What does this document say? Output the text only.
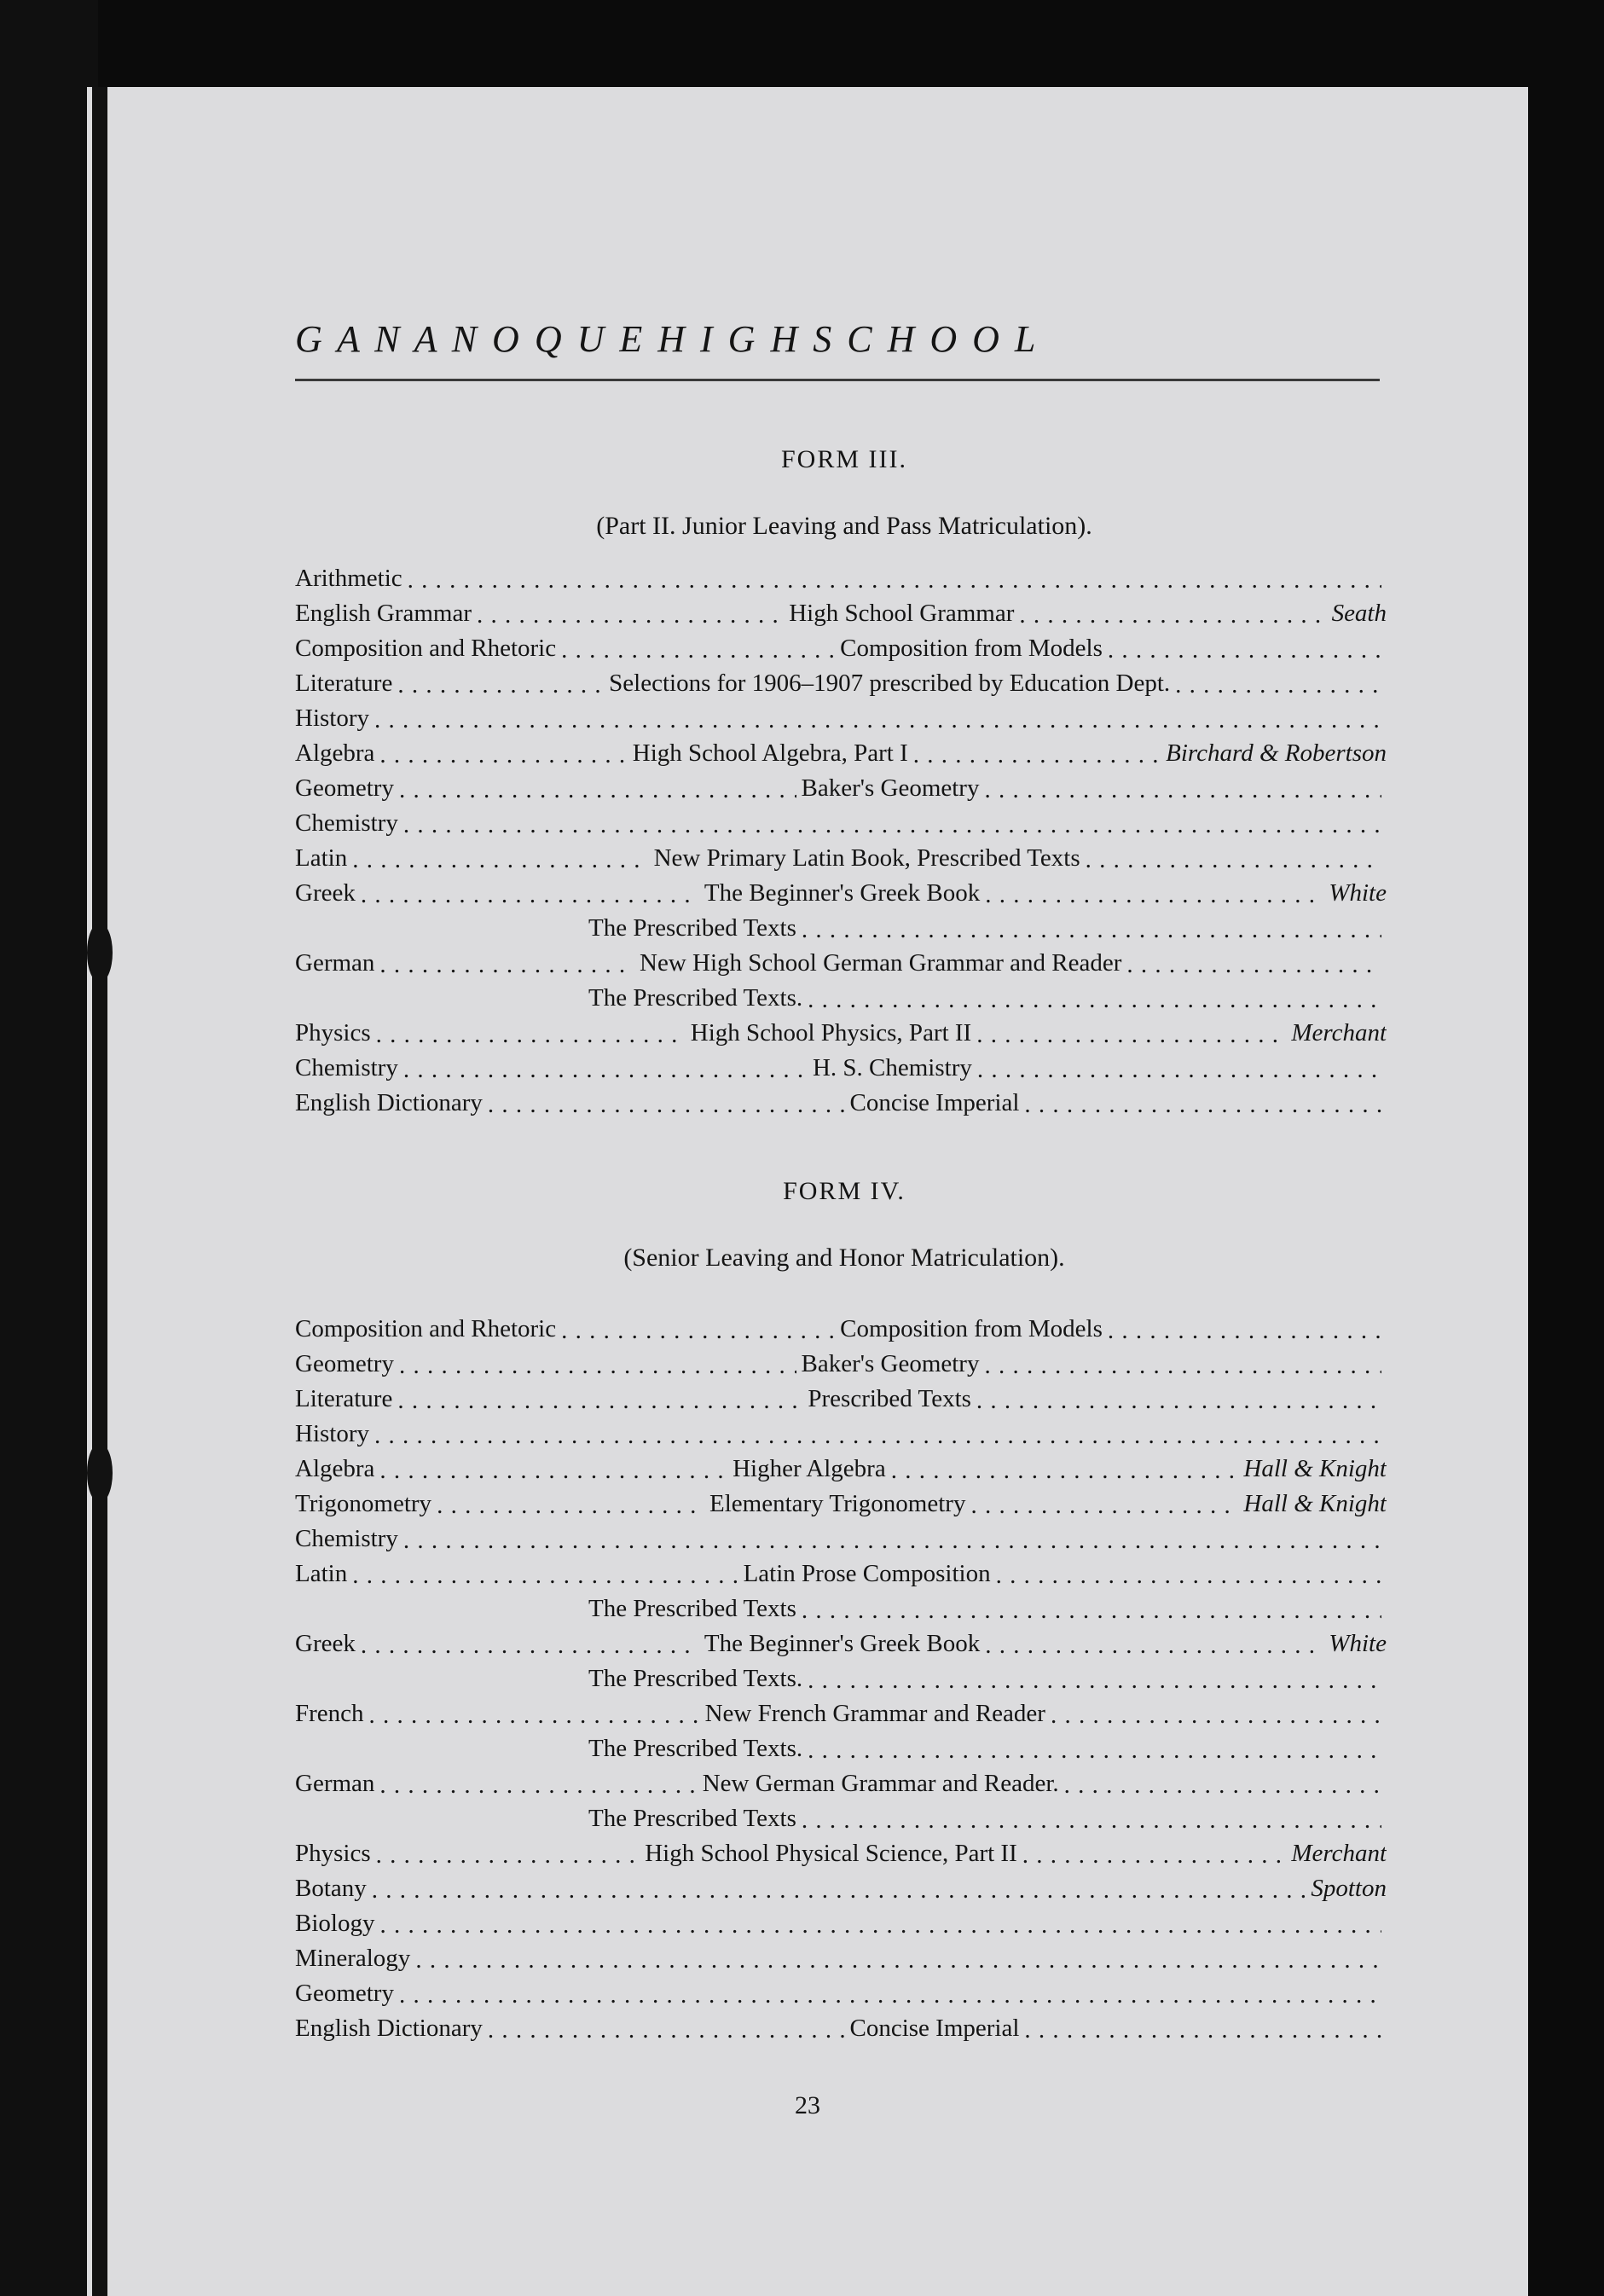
G A N A N O Q U E H I G H S C H O O L
FORM III.
(Part II. Junior Leaving and Pass Matriculation).
Arithmetic
. . .
English Grammar . . .	High School Grammar . . .	Seath
Composition and Rhetoric . . .	Composition from Models
. . .
Literature . . .	Selections for 1906–1907 prescribed by Education Dept.
. . .
History
. . .
Algebra . . .	High School Algebra, Part I . . .	Birchard & Robertson
Geometry . . .	Baker's Geometry
. . .
Chemistry
. . .
Latin . . .	New Primary Latin Book, Prescribed Texts
. . .
Greek . . .	The Beginner's Greek Book . . .	White
The Prescribed Texts
. . .
German . . .	New High School German Grammar and Reader
. . .
The Prescribed Texts.
. . .
Physics . . .	High School Physics, Part II . . .	Merchant
Chemistry . . .	H. S. Chemistry
. . .
English Dictionary . . .	Concise Imperial
. . .
FORM IV.
(Senior Leaving and Honor Matriculation).
Composition and Rhetoric . . .	Composition from Models
. . .
Geometry . . .	Baker's Geometry
. . .
Literature . . .	Prescribed Texts
. . .
History
. . .
Algebra . . .	Higher Algebra . . .	Hall & Knight
Trigonometry . . .	Elementary Trigonometry . . .	Hall & Knight
Chemistry
. . .
Latin . . .	Latin Prose Composition
. . .
The Prescribed Texts
. . .
Greek . . .	The Beginner's Greek Book . . .	White
The Prescribed Texts.
. . .
French . . .	New French Grammar and Reader
. . .
The Prescribed Texts.
. . .
German . . .	New German Grammar and Reader.
. . .
The Prescribed Texts
. . .
Physics . . .	High School Physical Science, Part II . . .	Merchant
Botany . . .	Spotton
Biology
. . .
Mineralogy
. . .
Geometry
. . .
English Dictionary . . .	Concise Imperial
. . .
23
